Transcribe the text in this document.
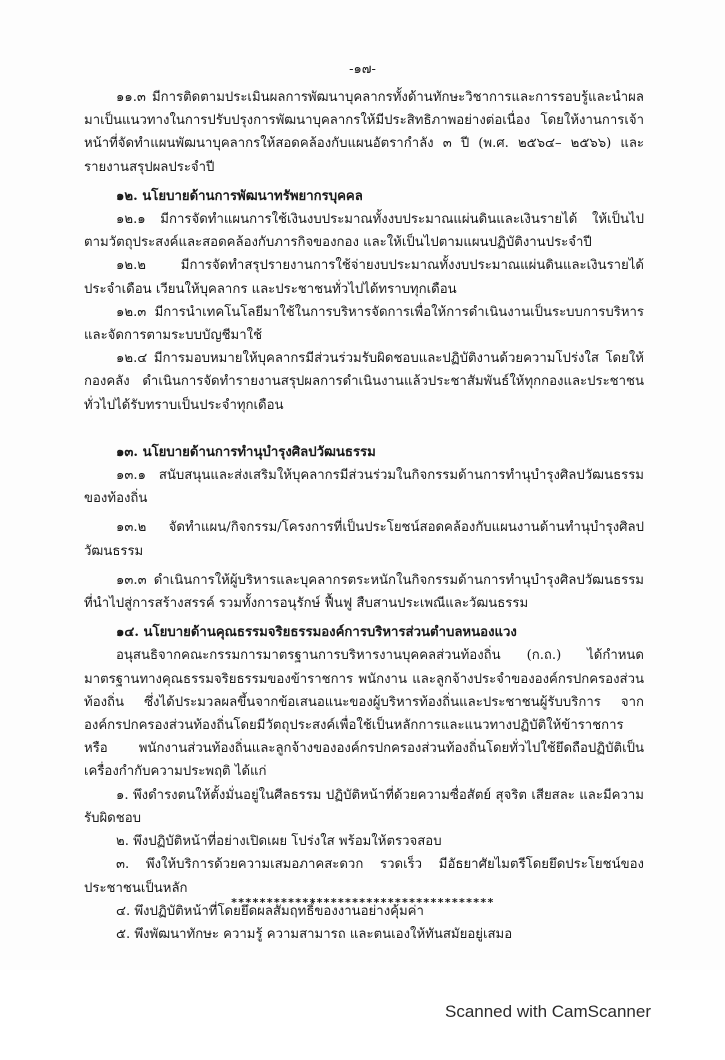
-๑๗-

๑๑.๓ มีการติดตามประเมินผลการพัฒนาบุคลากรทั้งด้านทักษะวิชาการและการรอบรู้และนำผลมาเป็นแนวทางในการปรับปรุงการพัฒนาบุคลากรให้มีประสิทธิภาพอย่างต่อเนื่อง โดยให้งานการเจ้าหน้าที่จัดทำแผนพัฒนาบุคลากรให้สอดคล้องกับแผนอัตรากำลัง ๓ ปี (พ.ศ. ๒๕๖๔– ๒๕๖๖) และรายงานสรุปผลประจำปี

๑๒. นโยบายด้านการพัฒนาทรัพยากรบุคคล

๑๒.๑ มีการจัดทำแผนการใช้เงินงบประมาณทั้งงบประมาณแผ่นดินและเงินรายได้ ให้เป็นไปตามวัตถุประสงค์และสอดคล้องกับภารกิจของกอง และให้เป็นไปตามแผนปฏิบัติงานประจำปี

๑๒.๒ มีการจัดทำสรุปรายงานการใช้จ่ายงบประมาณทั้งงบประมาณแผ่นดินและเงินรายได้ประจำเดือน เวียนให้บุคลากร และประชาชนทั่วไปได้ทราบทุกเดือน

๑๒.๓ มีการนำเทคโนโลยีมาใช้ในการบริหารจัดการเพื่อให้การดำเนินงานเป็นระบบการบริหารและจัดการตามระบบบัญชีมาใช้

๑๒.๔ มีการมอบหมายให้บุคลากรมีส่วนร่วมรับผิดชอบและปฏิบัติงานด้วยความโปร่งใส โดยให้กองคลัง ดำเนินการจัดทำรายงานสรุปผลการดำเนินงานแล้วประชาสัมพันธ์ให้ทุกกองและประชาชนทั่วไปได้รับทราบเป็นประจำทุกเดือน

๑๓. นโยบายด้านการทำนุบำรุงศิลปวัฒนธรรม

๑๓.๑ สนับสนุนและส่งเสริมให้บุคลากรมีส่วนร่วมในกิจกรรมด้านการทำนุบำรุงศิลปวัฒนธรรมของท้องถิ่น

๑๓.๒ จัดทำแผน/กิจกรรม/โครงการที่เป็นประโยชน์สอดคล้องกับแผนงานด้านทำนุบำรุงศิลปวัฒนธรรม

๑๓.๓ ดำเนินการให้ผู้บริหารและบุคลากรตระหนักในกิจกรรมด้านการทำนุบำรุงศิลปวัฒนธรรมที่นำไปสู่การสร้างสรรค์ รวมทั้งการอนุรักษ์ ฟื้นฟู สืบสานประเพณีและวัฒนธรรม

๑๔. นโยบายด้านคุณธรรมจริยธรรมองค์การบริหารส่วนตำบลหนองแวง

อนุสนธิจากคณะกรรมการมาตรฐานการบริหารงานบุคคลส่วนท้องถิ่น (ก.ถ.) ได้กำหนดมาตรฐานทางคุณธรรมจริยธรรมของข้าราชการ พนักงาน และลูกจ้างประจำขององค์กรปกครองส่วนท้องถิ่น ซึ่งได้ประมวลผลขึ้นจากข้อเสนอแนะของผู้บริหารท้องถิ่นและประชาชนผู้รับบริการ จากองค์กรปกครองส่วนท้องถิ่นโดยมีวัตถุประสงค์เพื่อใช้เป็นหลักการและแนวทางปฏิบัติให้ข้าราชการหรือ พนักงานส่วนท้องถิ่นและลูกจ้างขององค์กรปกครองส่วนท้องถิ่นโดยทั่วไปใช้ยึดถือปฏิบัติเป็นเครื่องกำกับความประพฤติ ได้แก่

๑. พึงดำรงตนให้ตั้งมั่นอยู่ในศีลธรรม ปฏิบัติหน้าที่ด้วยความซื่อสัตย์ สุจริต เสียสละ และมีความรับผิดชอบ

๒. พึงปฏิบัติหน้าที่อย่างเปิดเผย โปร่งใส พร้อมให้ตรวจสอบ

๓. พึงให้บริการด้วยความเสมอภาคสะดวก รวดเร็ว มีอัธยาศัยไมตรีโดยยึดประโยชน์ของประชาชนเป็นหลัก

๔. พึงปฏิบัติหน้าที่โดยยึดผลสัมฤทธิ์ของงานอย่างคุ้มค่า

๕. พึงพัฒนาทักษะ ความรู้ ความสามารถ และตนเองให้ทันสมัยอยู่เสมอ

*************************************
Scanned with CamScanner
